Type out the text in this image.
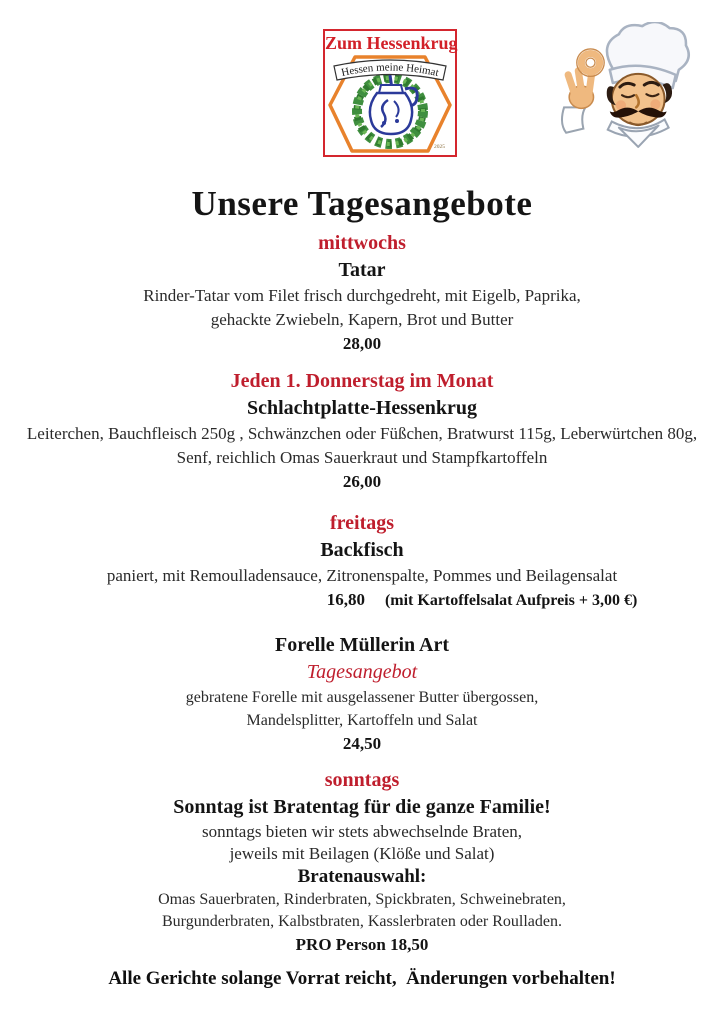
Zum Hessenkrug
Hessen meine Heimat
2025
Unsere Tagesangebote
mittwochs
Tatar

Rinder-Tatar vom Filet frisch durchgedreht, mit Eigelb, Paprika,

gehackte Zwiebeln, Kapern, Brot und Butter

28,00

Jeden 1. Donnerstag im Monat
Schlachtplatte-Hessenkrug

Leiterchen, Bauchfleisch 250g , Schwänzchen oder Füßchen, Bratwurst 115g, Leberwürtchen 80g,

Senf, reichlich Omas Sauerkraut und Stampfkartoffeln

26,00

freitags
Backfisch

paniert, mit Remoulladensauce, Zitronenspalte, Pommes und Beilagensalat

16,80 (mit Kartoffelsalat Aufpreis + 3,00 €)
Forelle Müllerin Art

Tagesangebot

gebratene Forelle mit ausgelassener Butter übergossen,

Mandelsplitter, Kartoffeln und Salat

24,50

sonntags
Sonntag ist Bratentag für die ganze Familie!

sonntags bieten wir stets abwechselnde Braten,

jeweils mit Beilagen (Klöße und Salat)

Bratenauswahl:

Omas Sauerbraten, Rinderbraten, Spickbraten, Schweinebraten,

Burgunderbraten, Kalbstbraten, Kasslerbraten oder Roulladen.

PRO Person 18,50

Alle Gerichte solange Vorrat reicht,  Änderungen vorbehalten!
